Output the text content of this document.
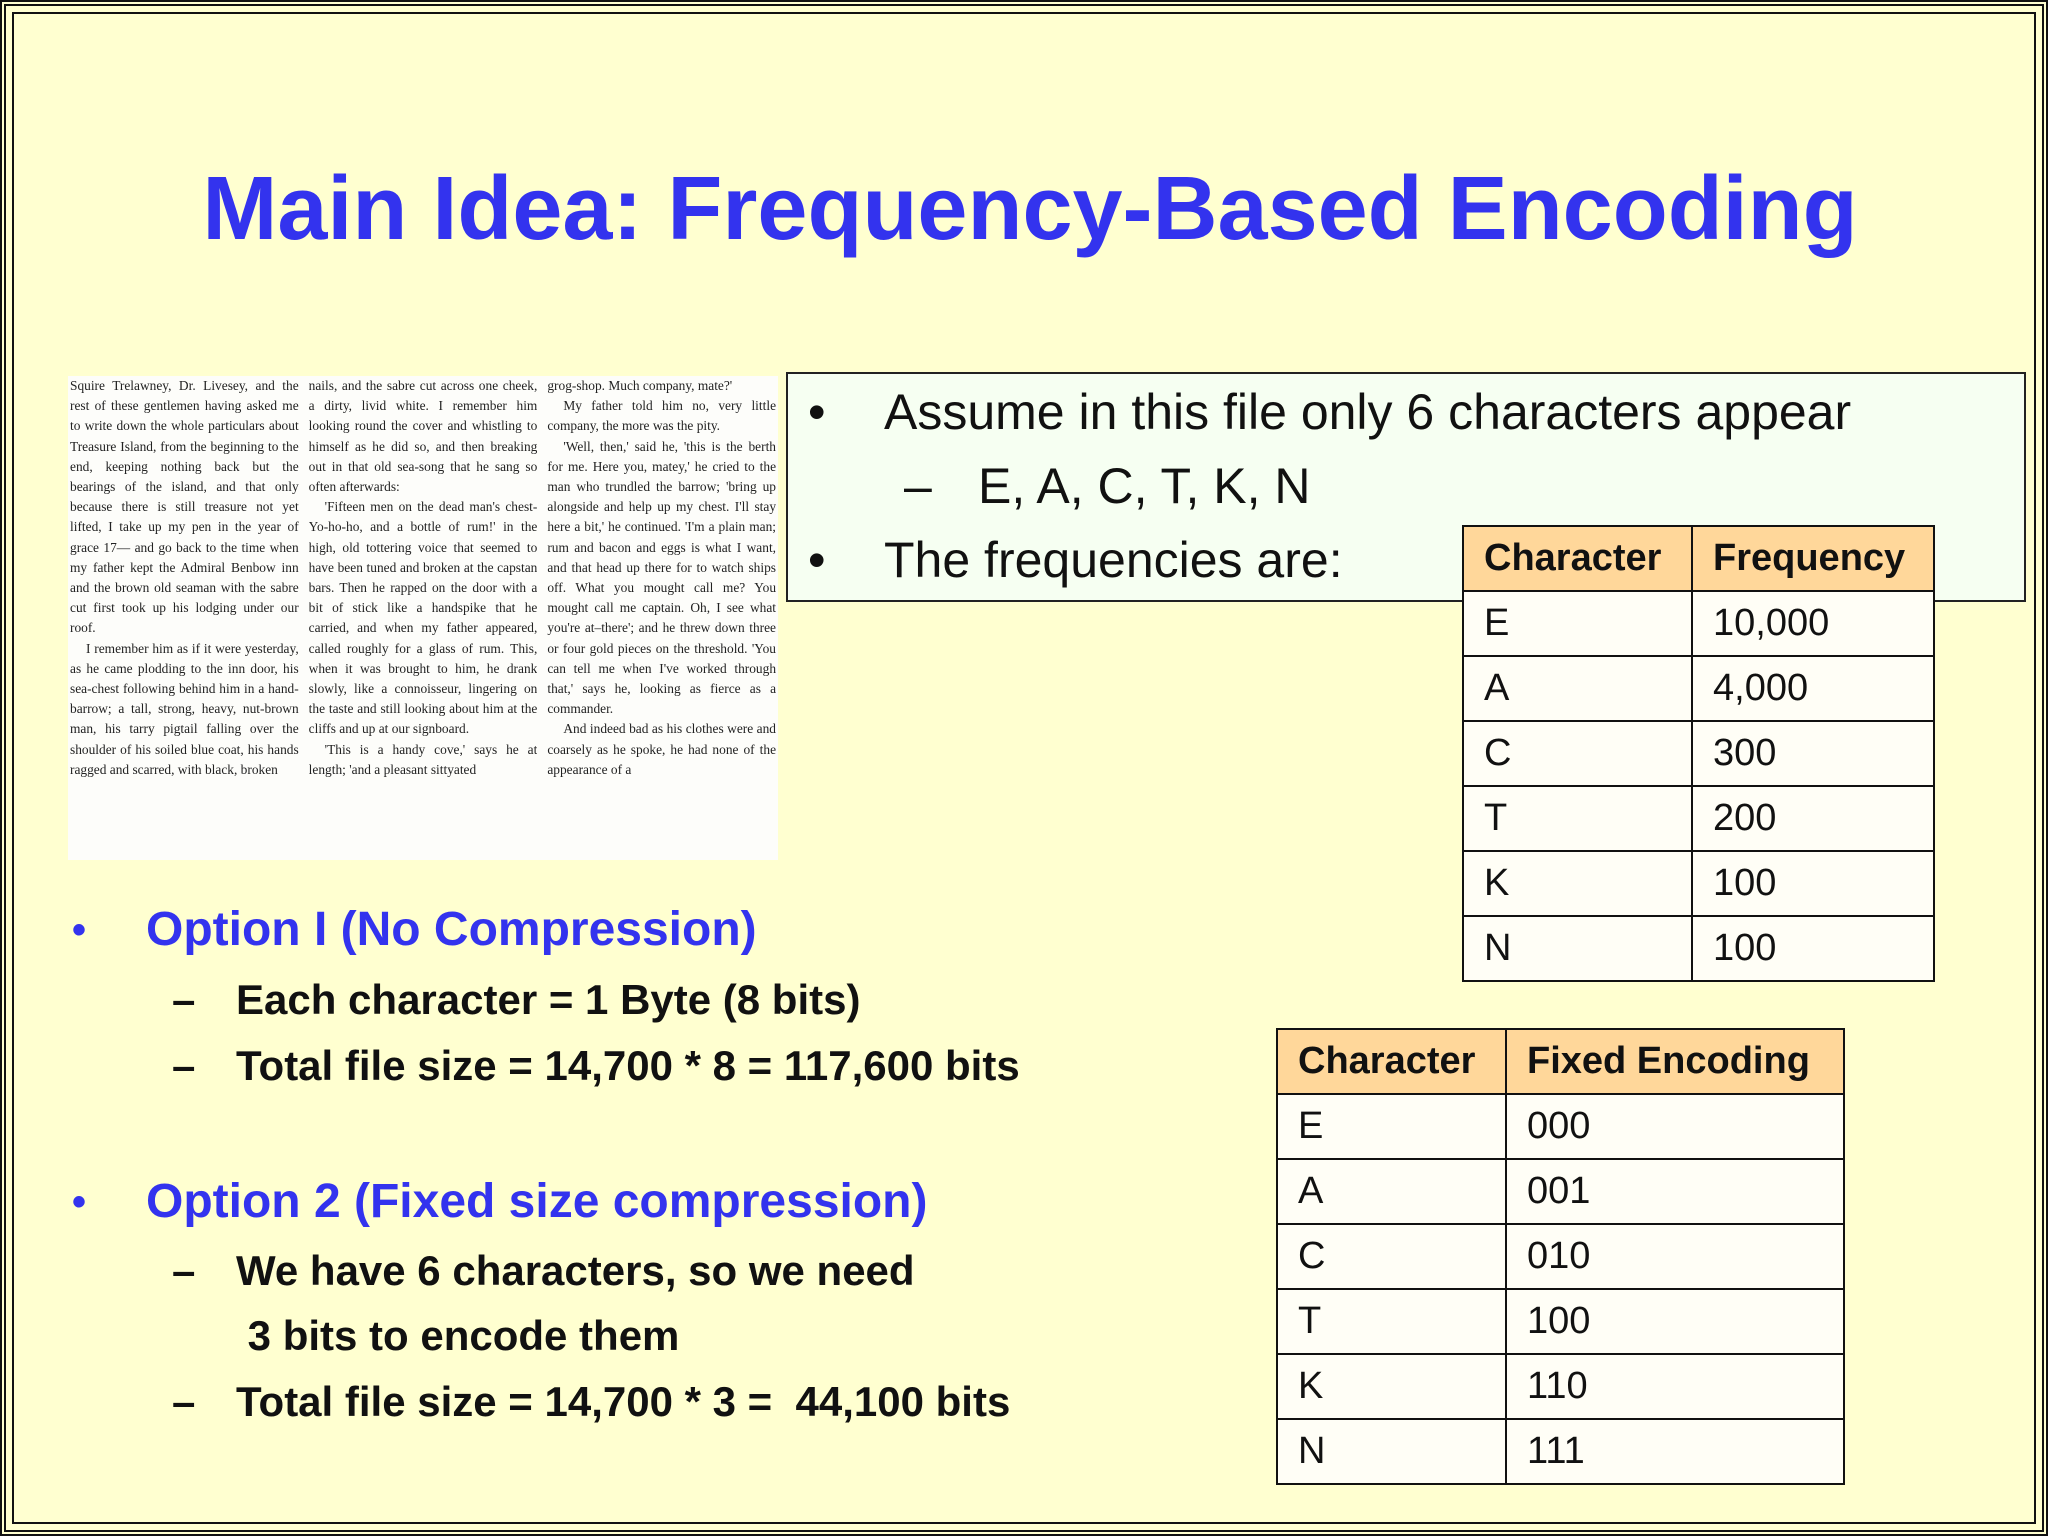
Main Idea: Frequency-Based Encoding

Squire Trelawney, Dr. Livesey, and the rest of these gentlemen having asked me to write down the whole particulars about Treasure Island, from the beginning to the end, keeping nothing back but the bearings of the island, and that only because there is still treasure not yet lifted, I take up my pen in the year of grace 17— and go back to the time when my father kept the Admiral Benbow inn and the brown old seaman with the sabre cut first took up his lodging under our roof.

I remember him as if it were yesterday, as he came plodding to the inn door, his sea-chest following behind him in a hand-barrow; a tall, strong, heavy, nut-brown man, his tarry pigtail falling over the shoulder of his soiled blue coat, his hands ragged and scarred, with black, broken

nails, and the sabre cut across one cheek, a dirty, livid white. I remember him looking round the cover and whistling to himself as he did so, and then breaking out in that old sea-song that he sang so often afterwards:

'Fifteen men on the dead man's chest-Yo-ho-ho, and a bottle of rum!' in the high, old tottering voice that seemed to have been tuned and broken at the capstan bars. Then he rapped on the door with a bit of stick like a handspike that he carried, and when my father appeared, called roughly for a glass of rum. This, when it was brought to him, he drank slowly, like a connoisseur, lingering on the taste and still looking about him at the cliffs and up at our signboard.

'This is a handy cove,' says he at length; 'and a pleasant sittyated

grog-shop. Much company, mate?'

My father told him no, very little company, the more was the pity.

'Well, then,' said he, 'this is the berth for me. Here you, matey,' he cried to the man who trundled the barrow; 'bring up alongside and help up my chest. I'll stay here a bit,' he continued. 'I'm a plain man; rum and bacon and eggs is what I want, and that head up there for to watch ships off. What you mought call me? You mought call me captain. Oh, I see what you're at–there'; and he threw down three or four gold pieces on the threshold. 'You can tell me when I've worked through that,' says he, looking as fierce as a commander.

And indeed bad as his clothes were and coarsely as he spoke, he had none of the appearance of a

• Assume in this file only 6 characters appear
– E, A, C, T, K, N
• The frequencies are:	Character	Frequency
E	10,000
A	4,000
C	300
T	200
K	100
N	100
Character	Fixed Encoding
E	000
A	001
C	010
T	100
K	110
N	111
• Option I (No Compression)
– Each character = 1 Byte (8 bits)
– Total file size = 14,700 * 8 = 117,600 bits
• Option 2 (Fixed size compression)
– We have 6 characters, so we need
3 bits to encode them
– Total file size = 14,700 * 3 =  44,100 bits
